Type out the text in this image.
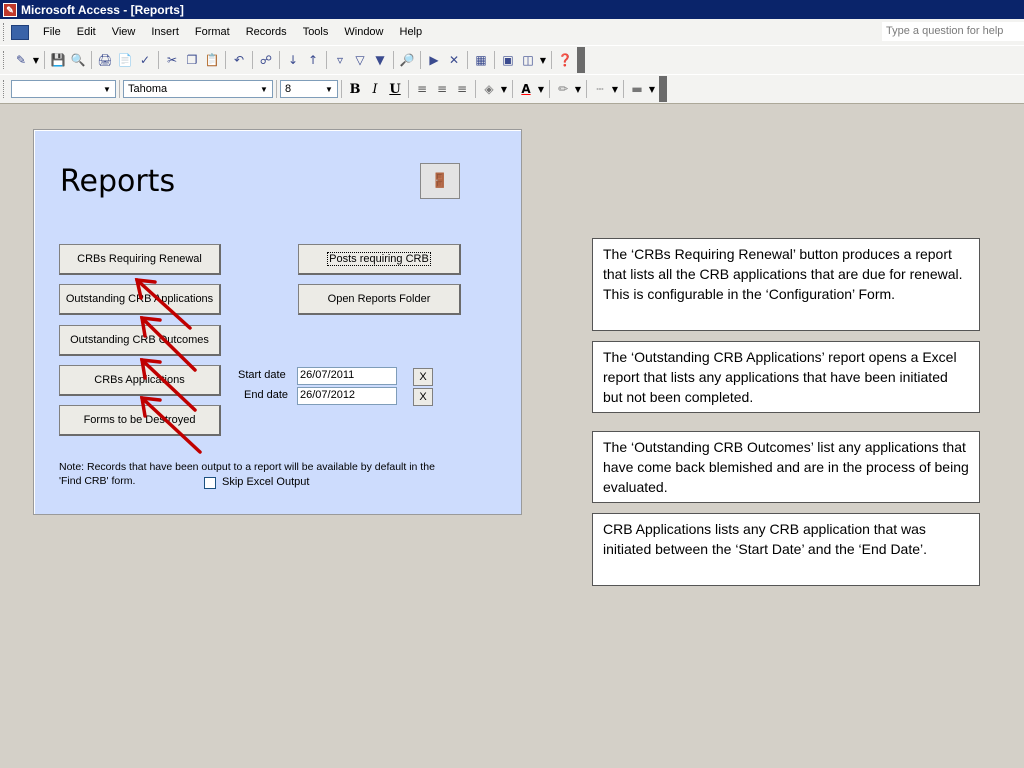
✎ Microsoft Access - [Reports]
File	Edit	View	Insert	Format	Records	Tools	Window	Help	Type a question for help
✎ ▼ 💾 🔍 🖨 📄 ✓	✂ ❐ 📋	↶	☍	↓ ↑	▿	▽ ▼	🔎	▶ ✕	▦ ▣ ◫ ▼ ❓
▼ Tahoma	▼ 8	▼	B I U	≡ ≡ ≡	◈ ▼	A ▼	✏ ▼	┄	▼ ▬ ▼
Reports	🚪
CRBs Requiring Renewal
Outstanding CRB Applications
Outstanding CRB Outcomes
CRBs Applications
Forms to be Destroyed
Posts requiring CRB
Open Reports Folder
Start date 26/07/2011	X
End date 26/07/2012	X
Note: Records that have been output to a report will be available by default in the 'Find CRB' form.	Skip Excel Output
The ‘CRBs Requiring Renewal’ button produces a report that lists all the CRB applications that are due for renewal. This is configurable in the ‘Configuration’ Form.
The ‘Outstanding CRB Applications’ report opens a Excel report that lists any applications that have been initiated but not been completed.
The ‘Outstanding CRB Outcomes’ list any applications that have come back blemished and are in the process of being evaluated.
CRB Applications lists any CRB application that was initiated between the ‘Start Date’ and the ‘End Date’.
